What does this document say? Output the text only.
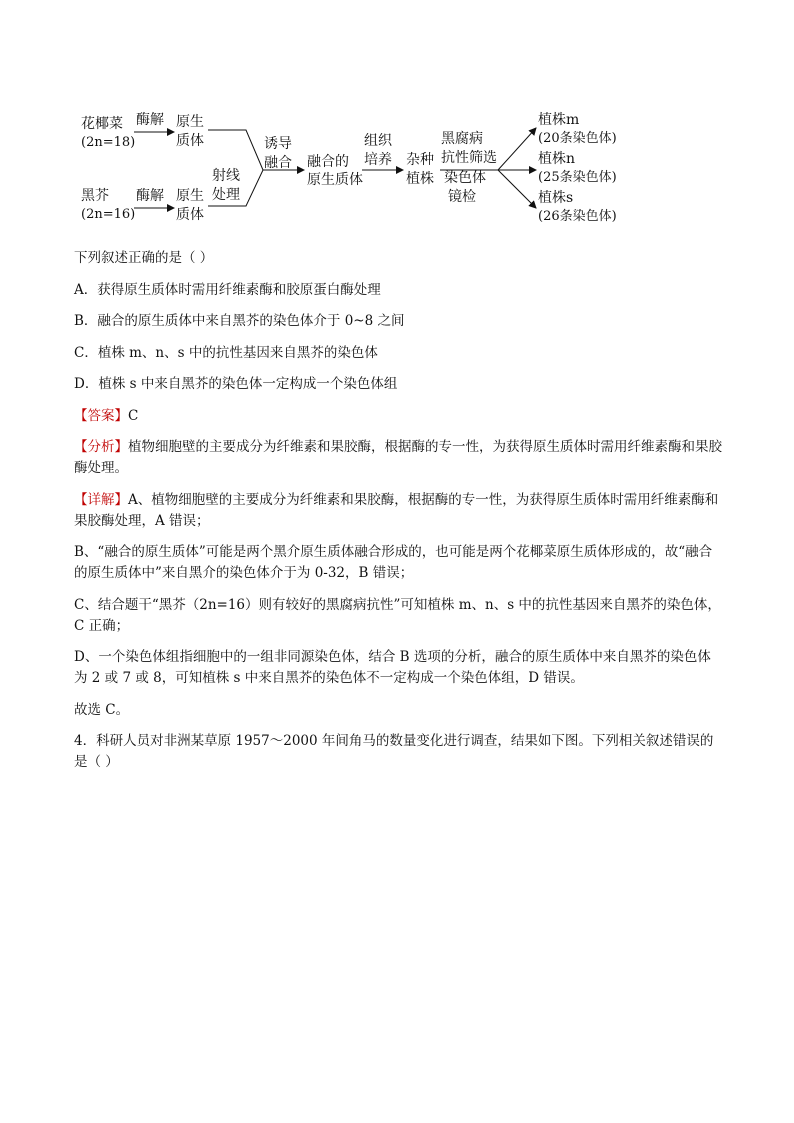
花椰菜
(2n=18)
酶解 原生
质体
黑芥
(2n=16)
酶解 原生
质体
射线
处理
诱导
融合 融合的
原生质体
组织
培养 杂种
植株
黑腐病
抗性筛选
染色体
镜检
植株m
(20条染色体)
植株n
(25条染色体)
植株s
(26条染色体)
下列叙述正确的是（ ）
A．获得原生质体时需用纤维素酶和胶原蛋白酶处理
B．融合的原生质体中来自黑芥的染色体介于 0~8 之间
C．植株 m、n、s 中的抗性基因来自黑芥的染色体
D．植株 s 中来自黑芥的染色体一定构成一个染色体组
【答案】C
【分析】植物细胞壁的主要成分为纤维素和果胶酶，根据酶的专一性，为获得原生质体时需用纤维素酶和果胶酶处理。
【详解】A、植物细胞壁的主要成分为纤维素和果胶酶，根据酶的专一性，为获得原生质体时需用纤维素酶和果胶酶处理，A 错误；
B、“融合的原生质体”可能是两个黑介原生质体融合形成的，也可能是两个花椰菜原生质体形成的，故“融合的原生质体中”来自黑介的染色体介于为 0-32，B 错误；
C、结合题干“黑芥（2n=16）则有较好的黑腐病抗性”可知植株 m、n、s 中的抗性基因来自黑芥的染色体，C 正确；
D、一个染色体组指细胞中的一组非同源染色体，结合 B 选项的分析，融合的原生质体中来自黑芥的染色体为 2 或 7 或 8，可知植株 s 中来自黑芥的染色体不一定构成一个染色体组，D 错误。
故选 C。
4．科研人员对非洲某草原 1957～2000 年间角马的数量变化进行调查，结果如下图。下列相关叙述错误的是（ ）
